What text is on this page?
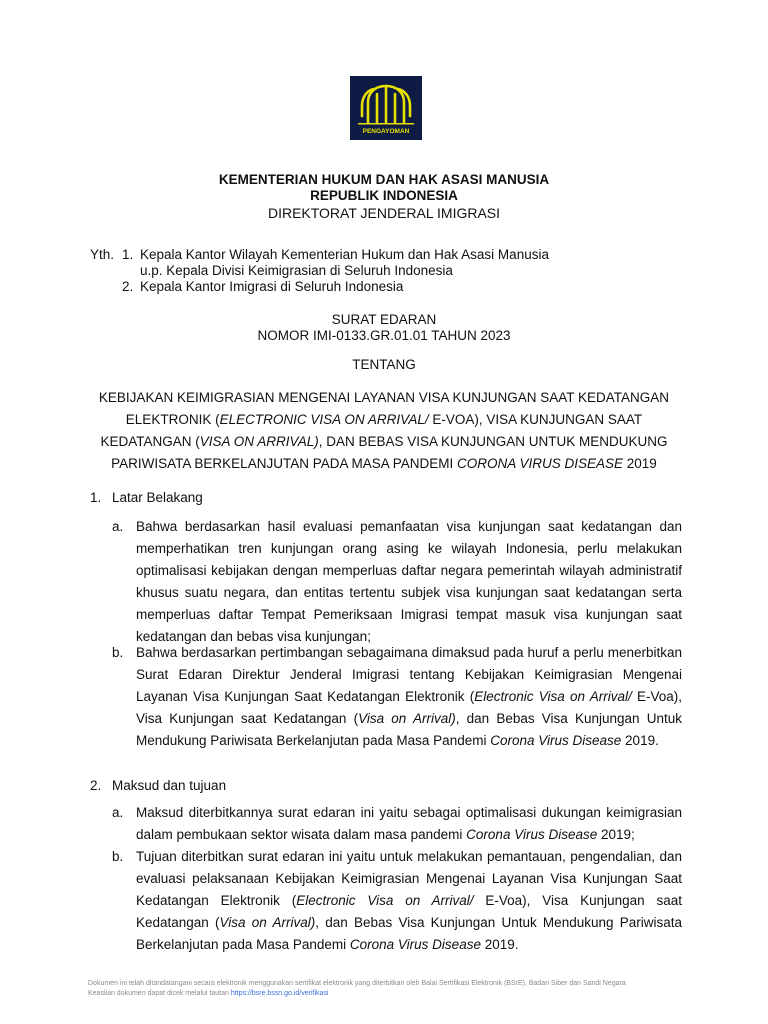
PENGAYOMAN
KEMENTERIAN HUKUM DAN HAK ASASI MANUSIA
REPUBLIK INDONESIA
DIREKTORAT JENDERAL IMIGRASI
Yth. 1. Kepala Kantor Wilayah Kementerian Hukum dan Hak Asasi Manusia
u.p. Kepala Divisi Keimigrasian di Seluruh Indonesia
2. Kepala Kantor Imigrasi di Seluruh Indonesia
SURAT EDARAN
NOMOR IMI-0133.GR.01.01 TAHUN 2023
TENTANG
KEBIJAKAN KEIMIGRASIAN MENGENAI LAYANAN VISA KUNJUNGAN SAAT KEDATANGAN ELEKTRONIK (ELECTRONIC VISA ON ARRIVAL/ E-VOA), VISA KUNJUNGAN SAAT KEDATANGAN (VISA ON ARRIVAL), DAN BEBAS VISA KUNJUNGAN UNTUK MENDUKUNG PARIWISATA BERKELANJUTAN PADA MASA PANDEMI CORONA VIRUS DISEASE 2019
1. Latar Belakang
a. Bahwa berdasarkan hasil evaluasi pemanfaatan visa kunjungan saat kedatangan dan memperhatikan tren kunjungan orang asing ke wilayah Indonesia, perlu melakukan optimalisasi kebijakan dengan memperluas daftar negara pemerintah wilayah administratif khusus suatu negara, dan entitas tertentu subjek visa kunjungan saat kedatangan serta memperluas daftar Tempat Pemeriksaan Imigrasi tempat masuk visa kunjungan saat kedatangan dan bebas visa kunjungan;
b. Bahwa berdasarkan pertimbangan sebagaimana dimaksud pada huruf a perlu menerbitkan Surat Edaran Direktur Jenderal Imigrasi tentang Kebijakan Keimigrasian Mengenai Layanan Visa Kunjungan Saat Kedatangan Elektronik (Electronic Visa on Arrival/ E-Voa), Visa Kunjungan saat Kedatangan (Visa on Arrival), dan Bebas Visa Kunjungan Untuk Mendukung Pariwisata Berkelanjutan pada Masa Pandemi Corona Virus Disease 2019.
2. Maksud dan tujuan
a. Maksud diterbitkannya surat edaran ini yaitu sebagai optimalisasi dukungan keimigrasian dalam pembukaan sektor wisata dalam masa pandemi Corona Virus Disease 2019;
b. Tujuan diterbitkan surat edaran ini yaitu untuk melakukan pemantauan, pengendalian, dan evaluasi pelaksanaan Kebijakan Keimigrasian Mengenai Layanan Visa Kunjungan Saat Kedatangan Elektronik (Electronic Visa on Arrival/ E-Voa), Visa Kunjungan saat Kedatangan (Visa on Arrival), dan Bebas Visa Kunjungan Untuk Mendukung Pariwisata Berkelanjutan pada Masa Pandemi Corona Virus Disease 2019.
Dokumen ini telah ditandatangani secara elektronik menggunakan sertifikat elektronik yang diterbitkan oleh Balai Sertifikasi Elektronik (BSrE), Badan Siber dan Sandi Negara
Keaslian dokumen dapat dicek melalui tautan https://bsre.bssn.go.id/verifikasi
